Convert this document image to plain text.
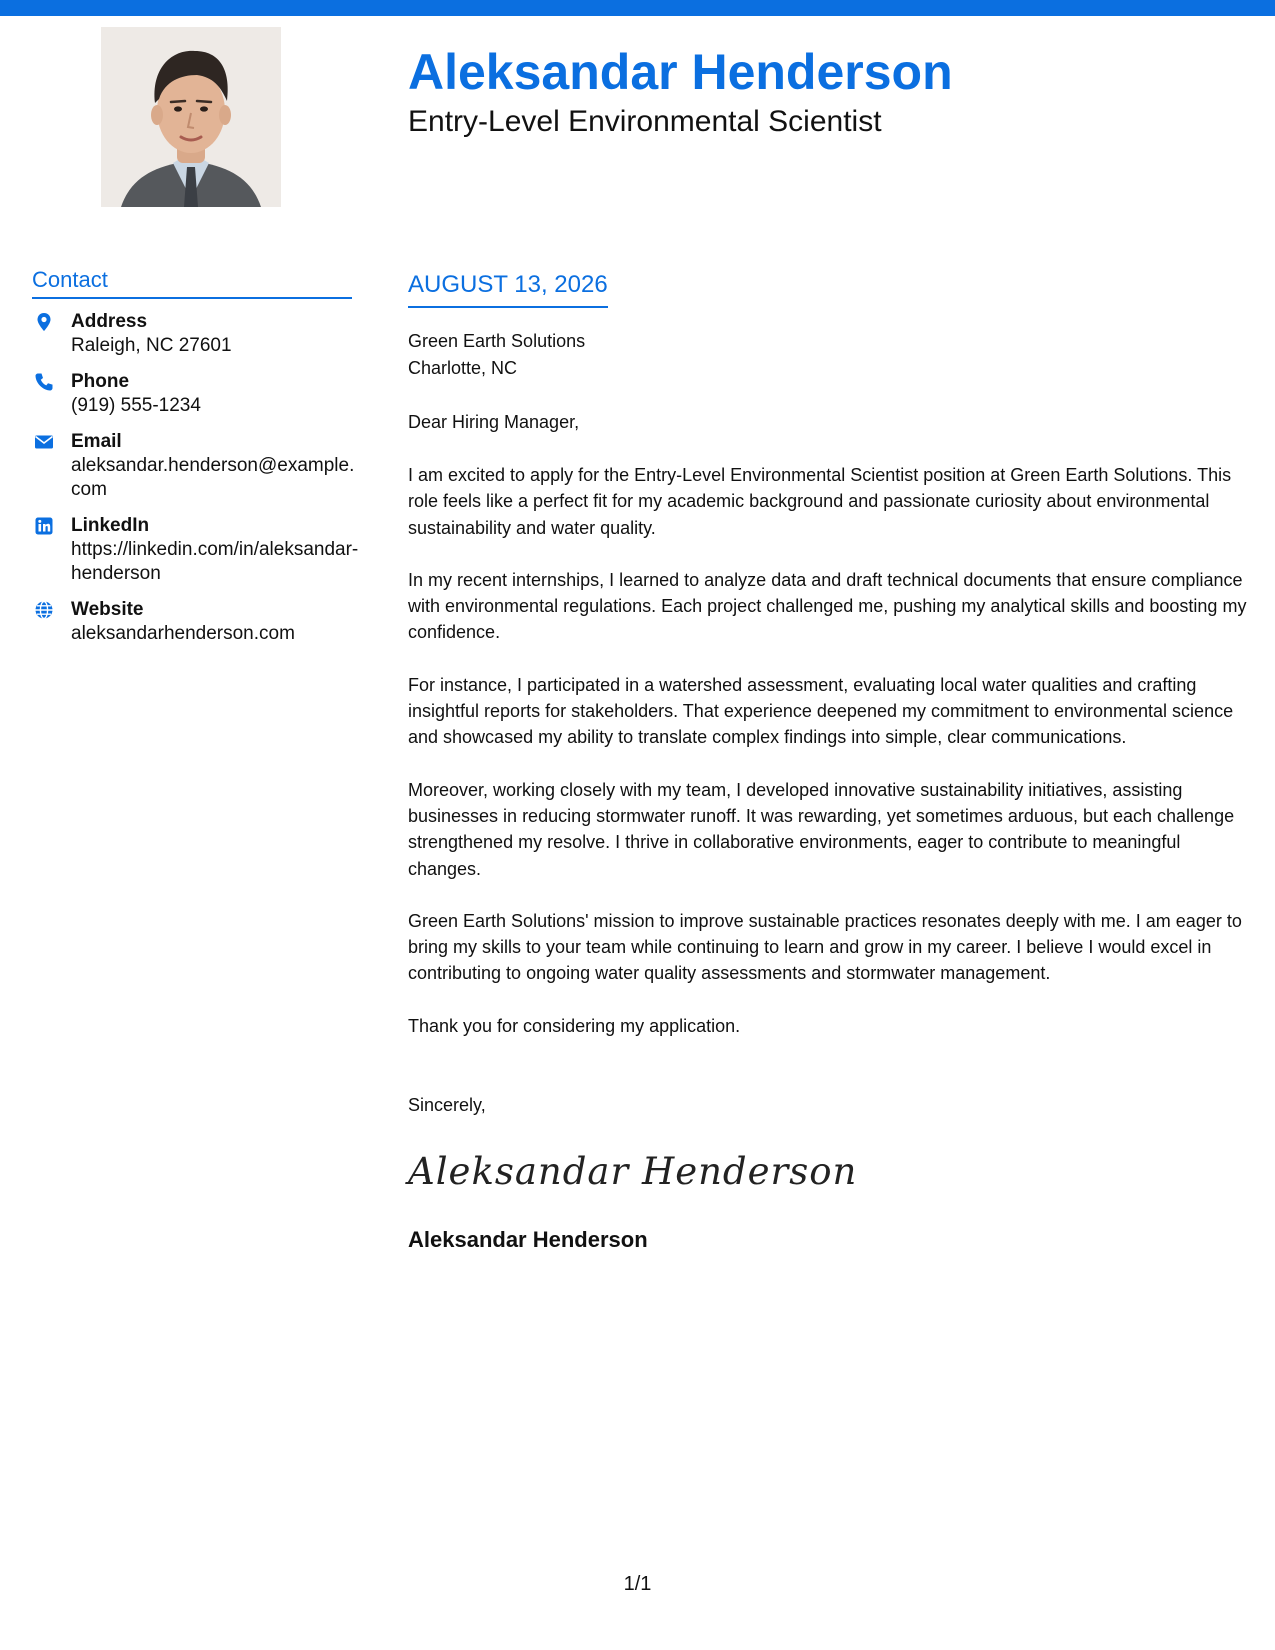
Aleksandar Henderson
Entry-Level Environmental Scientist
Contact
Address
Raleigh, NC 27601
Phone
(919) 555-1234
Email
aleksandar.henderson@example.com
LinkedIn
https://linkedin.com/in/aleksandar-henderson
Website
aleksandarhenderson.com
AUGUST 13, 2026
Green Earth Solutions
Charlotte, NC
Dear Hiring Manager,
I am excited to apply for the Entry-Level Environmental Scientist position at Green Earth Solutions. This role feels like a perfect fit for my academic background and passionate curiosity about environmental sustainability and water quality.
In my recent internships, I learned to analyze data and draft technical documents that ensure compliance with environmental regulations. Each project challenged me, pushing my analytical skills and boosting my confidence.
For instance, I participated in a watershed assessment, evaluating local water qualities and crafting insightful reports for stakeholders. That experience deepened my commitment to environmental science and showcased my ability to translate complex findings into simple, clear communications.
Moreover, working closely with my team, I developed innovative sustainability initiatives, assisting businesses in reducing stormwater runoff. It was rewarding, yet sometimes arduous, but each challenge strengthened my resolve. I thrive in collaborative environments, eager to contribute to meaningful changes.
Green Earth Solutions' mission to improve sustainable practices resonates deeply with me. I am eager to bring my skills to your team while continuing to learn and grow in my career. I believe I would excel in contributing to ongoing water quality assessments and stormwater management.
Thank you for considering my application.
Sincerely,
Aleksandar Henderson
Aleksandar Henderson
1/1
